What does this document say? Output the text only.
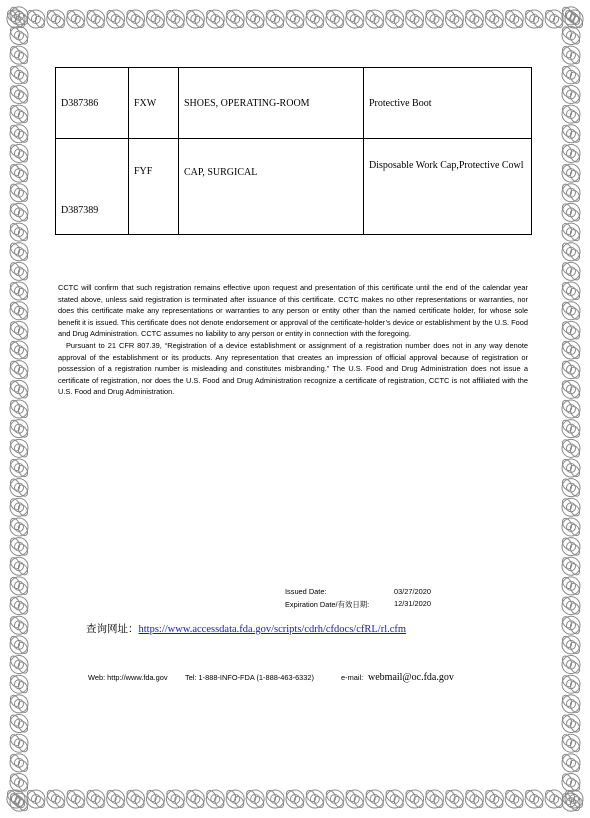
D387386	FXW	SHOES, OPERATING-ROOM	Protective Boot
D387389	FYF	CAP, SURGICAL	Disposable Work Cap,Protective Cowl

CCTC will confirm that such registration remains effective upon request and presentation of this certificate until the end of the calendar year stated above, unless said registration is terminated after issuance of this certificate. CCTC makes no other representations or warranties, nor does this certificate make any representations or warranties to any person or entity other than the named certificate holder, for whose sole benefit it is issued. This certificate does not denote endorsement or approval of the certificate-holder’s device or establishment by the U.S. Food and Drug Administration. CCTC assumes no liability to any person or entity in connection with the foregoing.

Pursuant to 21 CFR 807.39, “Registration of a device establishment or assignment of a registration number does not in any way denote approval of the establishment or its products. Any representation that creates an impression of official approval because of registration or possession of a registration number is misleading and constitutes misbranding.” The U.S. Food and Drug Administration does not issue a certificate of registration, nor does the U.S. Food and Drug Administration recognize a certificate of registration, CCTC is not affiliated with the U.S. Food and Drug Administration.

Issued Date:	03/27/2020
Expiration Date/有效日期:	12/31/2020
查询网址：https://www.accessdata.fda.gov/scripts/cdrh/cfdocs/cfRL/rl.cfm
Web: http://www.fda.gov Tel: 1-888-INFO-FDA (1-888-463-6332)	e-mail: webmail@oc.fda.gov
